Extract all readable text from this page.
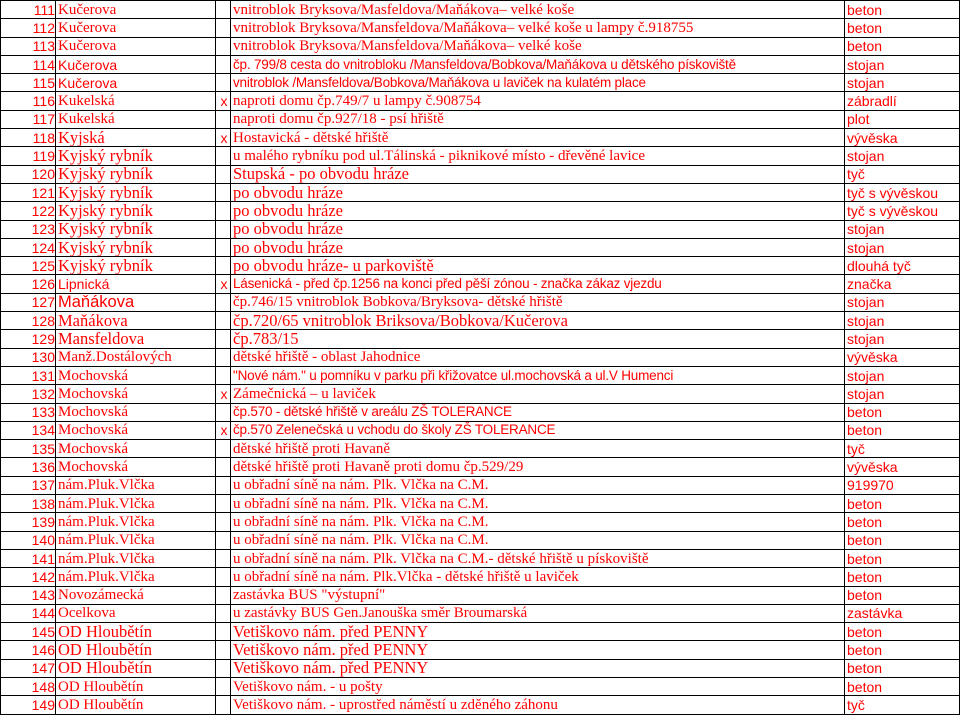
111	Kučerova		vnitroblok Bryksova/Masfeldova/Maňákova– velké koše	beton
112	Kučerova		vnitroblok Bryksova/Mansfeldova/Maňákova– velké koše u lampy č.918755	beton
113	Kučerova		vnitroblok Bryksova/Mansfeldova/Maňákova– velké koše	beton
114	Kučerova		čp. 799/8 cesta do vnitrobloku /Mansfeldova/Bobkova/Maňákova u dětského pískoviště	stojan
115	Kučerova		vnitroblok /Mansfeldova/Bobkova/Maňákova u laviček na kulatém place	stojan
116	Kukelská	x	naproti domu čp.749/7 u lampy č.908754	zábradlí
117	Kukelská		naproti domu čp.927/18 - psí hřiště	plot
118	Kyjská	x	Hostavická - dětské hřiště	vývěska
119	Kyjský rybník		u malého rybníku pod ul.Tálinská - piknikové místo - dřevěné lavice	stojan
120	Kyjský rybník		Stupská - po obvodu hráze	tyč
121	Kyjský rybník		po obvodu hráze	tyč s vývěskou
122	Kyjský rybník		po obvodu hráze	tyč s vývěskou
123	Kyjský rybník		po obvodu hráze	stojan
124	Kyjský rybník		po obvodu hráze	stojan
125	Kyjský rybník		po obvodu hráze- u parkoviště	dlouhá tyč
126	Lipnická	x	Lásenická - před čp.1256 na konci před pěší zónou - značka zákaz vjezdu	značka
127	Maňákova		čp.746/15 vnitroblok Bobkova/Bryksova- dětské hřiště	stojan
128	Maňákova		čp.720/65 vnitroblok Briksova/Bobkova/Kučerova	stojan
129	Mansfeldova		čp.783/15	stojan
130	Manž.Dostálových		dětské hřiště - oblast Jahodnice	vývěska
131	Mochovská		"Nové nám." u pomníku v parku při křižovatce ul.mochovská a ul.V Humenci	stojan
132	Mochovská	x	Zámečnická – u laviček	stojan
133	Mochovská		čp.570 - dětské hřiště v areálu ZŠ TOLERANCE	beton
134	Mochovská	x	čp.570 Zelenečská u vchodu do školy ZŠ TOLERANCE	beton
135	Mochovská		dětské hřiště proti Havaně	tyč
136	Mochovská		dětské hřiště proti Havaně proti domu čp.529/29	vývěska
137	nám.Pluk.Vlčka		u obřadní síně na nám. Plk. Vlčka na C.M.	919970
138	nám.Pluk.Vlčka		u obřadní síně na nám. Plk. Vlčka na C.M.	beton
139	nám.Pluk.Vlčka		u obřadní síně na nám. Plk. Vlčka na C.M.	beton
140	nám.Pluk.Vlčka		u obřadní síně na nám. Plk. Vlčka na C.M.	beton
141	nám.Pluk.Vlčka		u obřadní síně na nám. Plk. Vlčka na C.M.- dětské hřiště u pískoviště	beton
142	nám.Pluk.Vlčka		u obřadní síně na nám. Plk.Vlčka - dětské hřiště u laviček	beton
143	Novozámecká		zastávka BUS "výstupní"	beton
144	Ocelkova		u zastávky BUS Gen.Janouška směr Broumarská	zastávka
145	OD Hloubětín		Vetiškovo nám. před PENNY	beton
146	OD Hloubětín		Vetiškovo nám. před PENNY	beton
147	OD Hloubětín		Vetiškovo nám. před PENNY	beton
148	OD Hloubětín		Vetiškovo nám. - u pošty	beton
149	OD Hloubětín		Vetiškovo nám. - uprostřed náměstí u zděného záhonu	tyč
